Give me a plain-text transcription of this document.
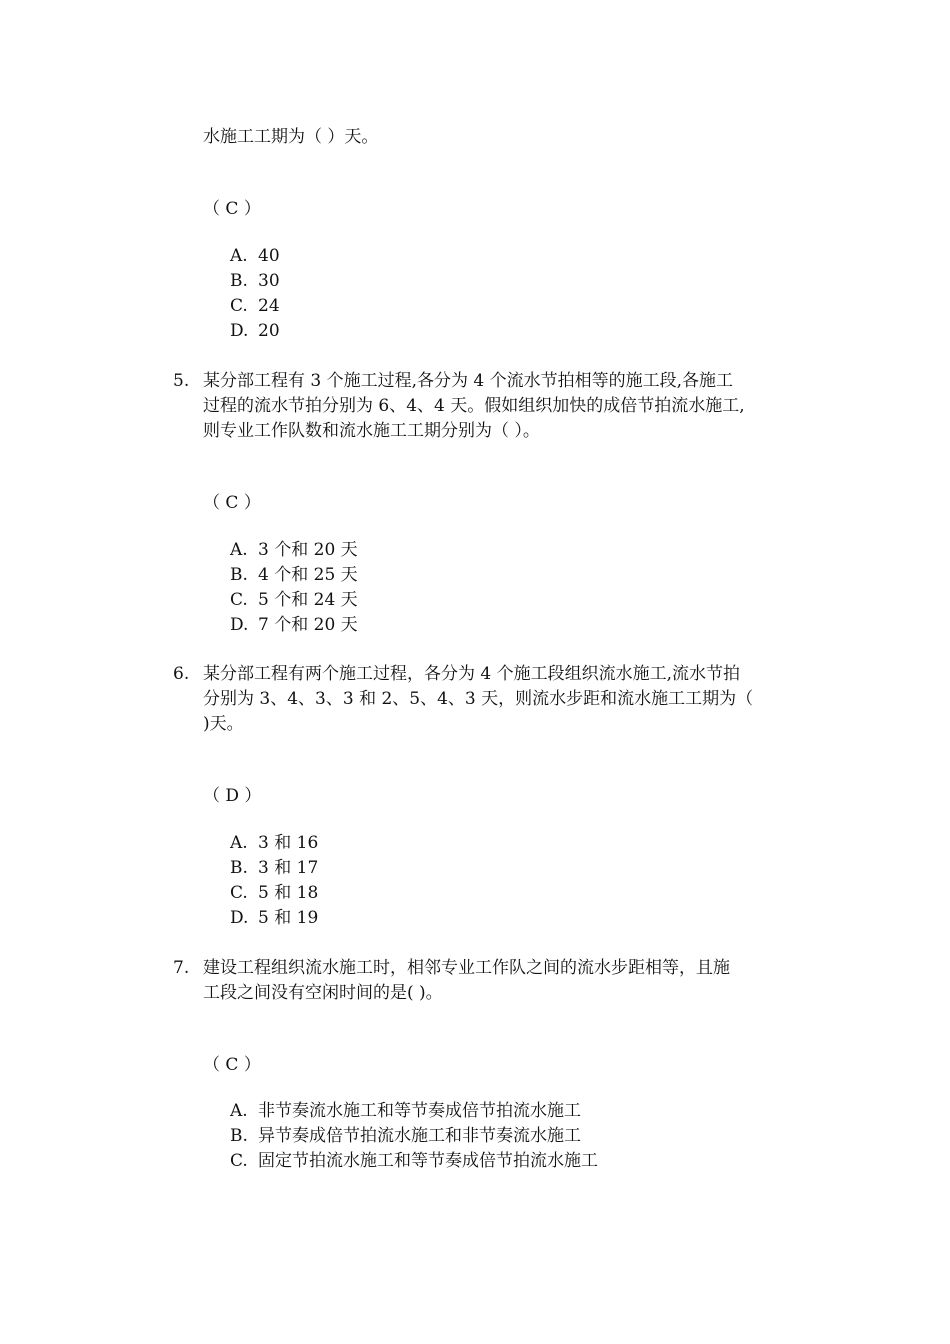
水施工工期为（ ）天。
（ C ）
A. 40
B. 30
C. 24
D. 20
5. 某分部工程有 3 个施工过程,各分为 4 个流水节拍相等的施工段,各施工
过程的流水节拍分别为 6、4、4 天。假如组织加快的成倍节拍流水施工,
则专业工作队数和流水施工工期分别为（ ）。
（ C ）
A. 3 个和 20 天
B. 4 个和 25 天
C. 5 个和 24 天
D. 7 个和 20 天
6. 某分部工程有两个施工过程，各分为 4 个施工段组织流水施工,流水节拍
分别为 3、4、3、3 和 2、5、4、3 天，则流水步距和流水施工工期为（
)天。
（ D ）
A. 3 和 16
B. 3 和 17
C. 5 和 18
D. 5 和 19
7. 建设工程组织流水施工时，相邻专业工作队之间的流水步距相等，且施
工段之间没有空闲时间的是( )。
（ C ）
A. 非节奏流水施工和等节奏成倍节拍流水施工
B. 异节奏成倍节拍流水施工和非节奏流水施工
C. 固定节拍流水施工和等节奏成倍节拍流水施工
